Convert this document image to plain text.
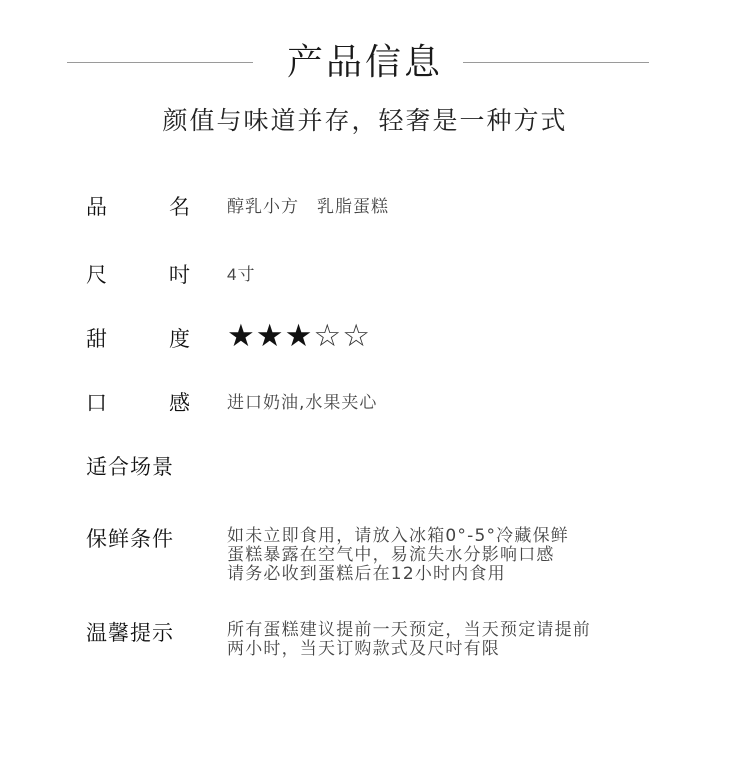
产品信息
颜值与味道并存，轻奢是一种方式
品	名 醇乳小方　乳脂蛋糕
尺	吋 4寸
甜	度 ★★★☆☆
口	感 进口奶油,水果夹心
适合场景
保鲜条件	如未立即食用，请放入冰箱0°-5°冷藏保鲜
蛋糕暴露在空气中，易流失水分影响口感
请务必收到蛋糕后在12小时内食用
温馨提示	所有蛋糕建议提前一天预定，当天预定请提前
两小时，当天订购款式及尺吋有限
